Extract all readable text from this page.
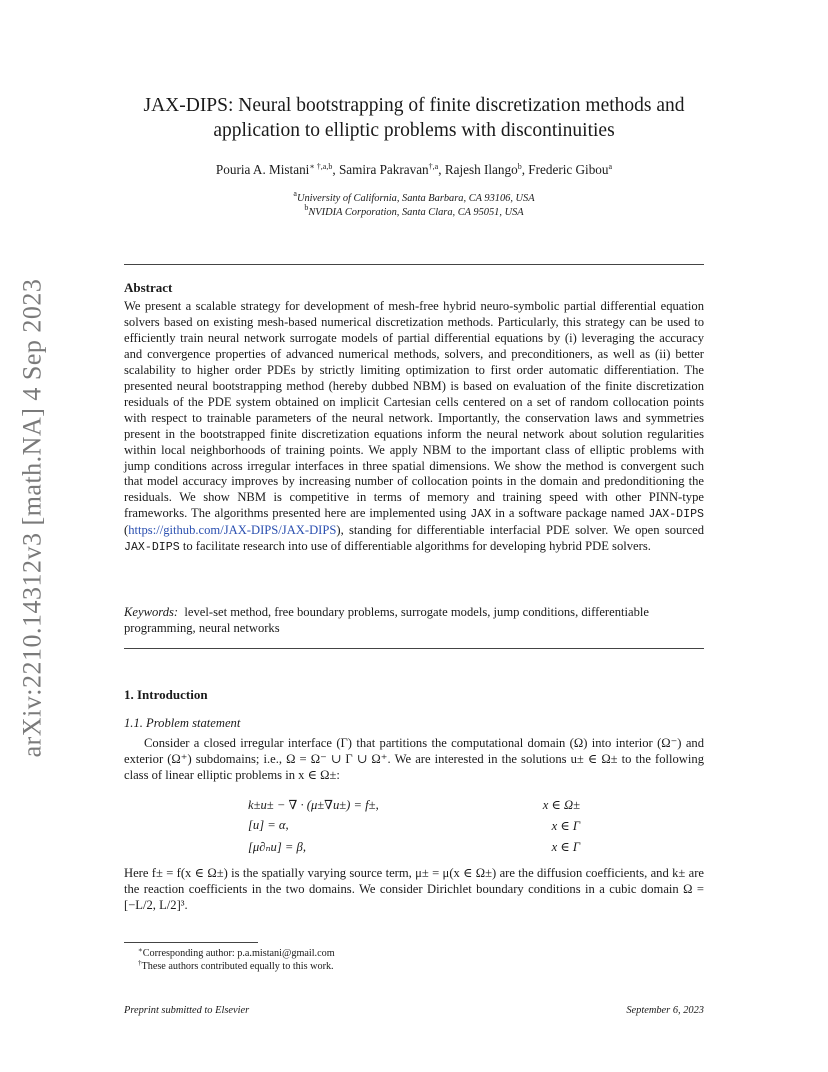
arXiv:2210.14312v3 [math.NA] 4 Sep 2023
JAX-DIPS: Neural bootstrapping of finite discretization methods and
application to elliptic problems with discontinuities
Pouria A. Mistani$^{∗ \dagger,a,b}$, Samira Pakravan$^{\dagger,a}$, Rajesh Ilango$^b$, Frederic Gibou$^a$
$^a$University of California, Santa Barbara, CA 93106, USA
$^b$NVIDIA Corporation, Santa Clara, CA 95051, USA
Abstract

We present a scalable strategy for development of mesh-free hybrid neuro-symbolic partial differential equation solvers based on existing mesh-based numerical discretization methods. Particularly, this strategy can be used to efficiently train neural network surrogate models of partial differential equations by (i) leveraging the accuracy and convergence properties of advanced numerical methods, solvers, and preconditioners, as well as (ii) better scalability to higher order PDEs by strictly limiting optimization to first order automatic differentiation. The presented neural bootstrapping method (hereby dubbed NBM) is based on evaluation of the finite discretization residuals of the PDE system obtained on implicit Cartesian cells centered on a set of random collocation points with respect to trainable parameters of the neural network. Importantly, the conservation laws and symmetries present in the bootstrapped finite discretization equations inform the neural network about solution regularities within local neighborhoods of training points. We apply NBM to the important class of elliptic problems with jump conditions across irregular interfaces in three spatial dimensions. We show the method is convergent such that model accuracy improves by increasing number of collocation points in the domain and predonditioning the residuals. We show NBM is competitive in terms of memory and training speed with other PINN-type frameworks. The algorithms presented here are implemented using JAX in a software package named JAX-DIPS (https://github.com/JAX-DIPS/JAX-DIPS), standing for differentiable interfacial PDE solver. We open sourced JAX-DIPS to facilitate research into use of differentiable algorithms for developing hybrid PDE solvers.

Keywords: level-set method, free boundary problems, surrogate models, jump conditions, differentiable programming, neural networks

1. Introduction
1.1. Problem statement

Consider a closed irregular interface (Γ) that partitions the computational domain (Ω) into interior (Ω⁻) and exterior (Ω⁺) subdomains; i.e., Ω = Ω⁻ ∪ Γ ∪ Ω⁺. We are interested in the solutions u± ∈ Ω± to the following class of linear elliptic problems in x ∈ Ω±:

k±u± − ∇ · (μ±∇u±) = f±,	x ∈ Ω±
[u] = α,	x ∈ Γ
[μ∂ₙu] = β,	x ∈ Γ

Here f± = f(x ∈ Ω±) is the spatially varying source term, μ± = μ(x ∈ Ω±) are the diffusion coefficients, and k± are the reaction coefficients in the two domains. We consider Dirichlet boundary conditions in a cubic domain Ω = [−L/2, L/2]³.

∗Corresponding author: p.a.mistani@gmail.com
†These authors contributed equally to this work.
Preprint submitted to Elsevier	September 6, 2023
